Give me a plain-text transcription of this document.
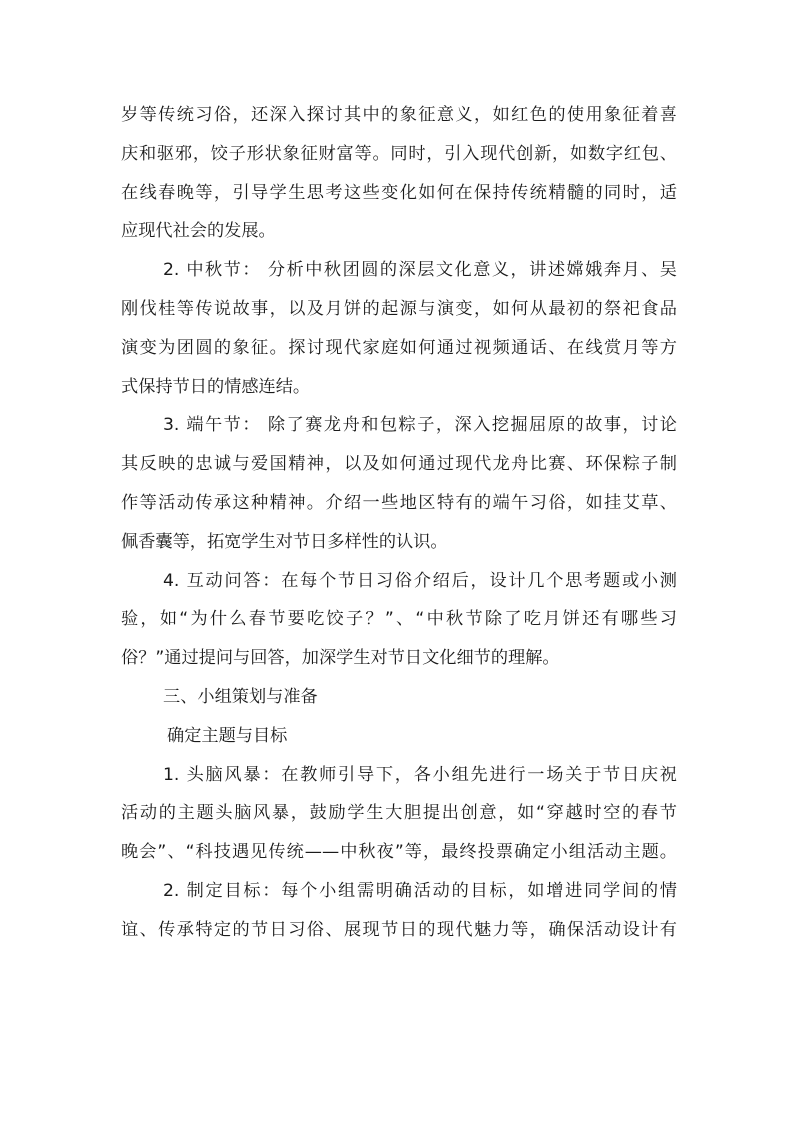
岁等传统习俗，还深入探讨其中的象征意义，如红色的使用象征着喜
庆和驱邪，饺子形状象征财富等。同时，引入现代创新，如数字红包、
在线春晚等，引导学生思考这些变化如何在保持传统精髓的同时，适
应现代社会的发展。
2. 中秋节： 分析中秋团圆的深层文化意义，讲述嫦娥奔月、吴
刚伐桂等传说故事，以及月饼的起源与演变，如何从最初的祭祀食品
演变为团圆的象征。探讨现代家庭如何通过视频通话、在线赏月等方
式保持节日的情感连结。
3. 端午节： 除了赛龙舟和包粽子，深入挖掘屈原的故事，讨论
其反映的忠诚与爱国精神，以及如何通过现代龙舟比赛、环保粽子制
作等活动传承这种精神。介绍一些地区特有的端午习俗，如挂艾草、
佩香囊等，拓宽学生对节日多样性的认识。
4. 互动问答：在每个节日习俗介绍后，设计几个思考题或小测
验，如“为什么春节要吃饺子？”、“中秋节除了吃月饼还有哪些习
俗？”通过提问与回答，加深学生对节日文化细节的理解。
三、小组策划与准备
确定主题与目标
1. 头脑风暴：在教师引导下，各小组先进行一场关于节日庆祝
活动的主题头脑风暴，鼓励学生大胆提出创意，如“穿越时空的春节
晚会”、“科技遇见传统——中秋夜”等，最终投票确定小组活动主题。
2. 制定目标：每个小组需明确活动的目标，如增进同学间的情
谊、传承特定的节日习俗、展现节日的现代魅力等，确保活动设计有
